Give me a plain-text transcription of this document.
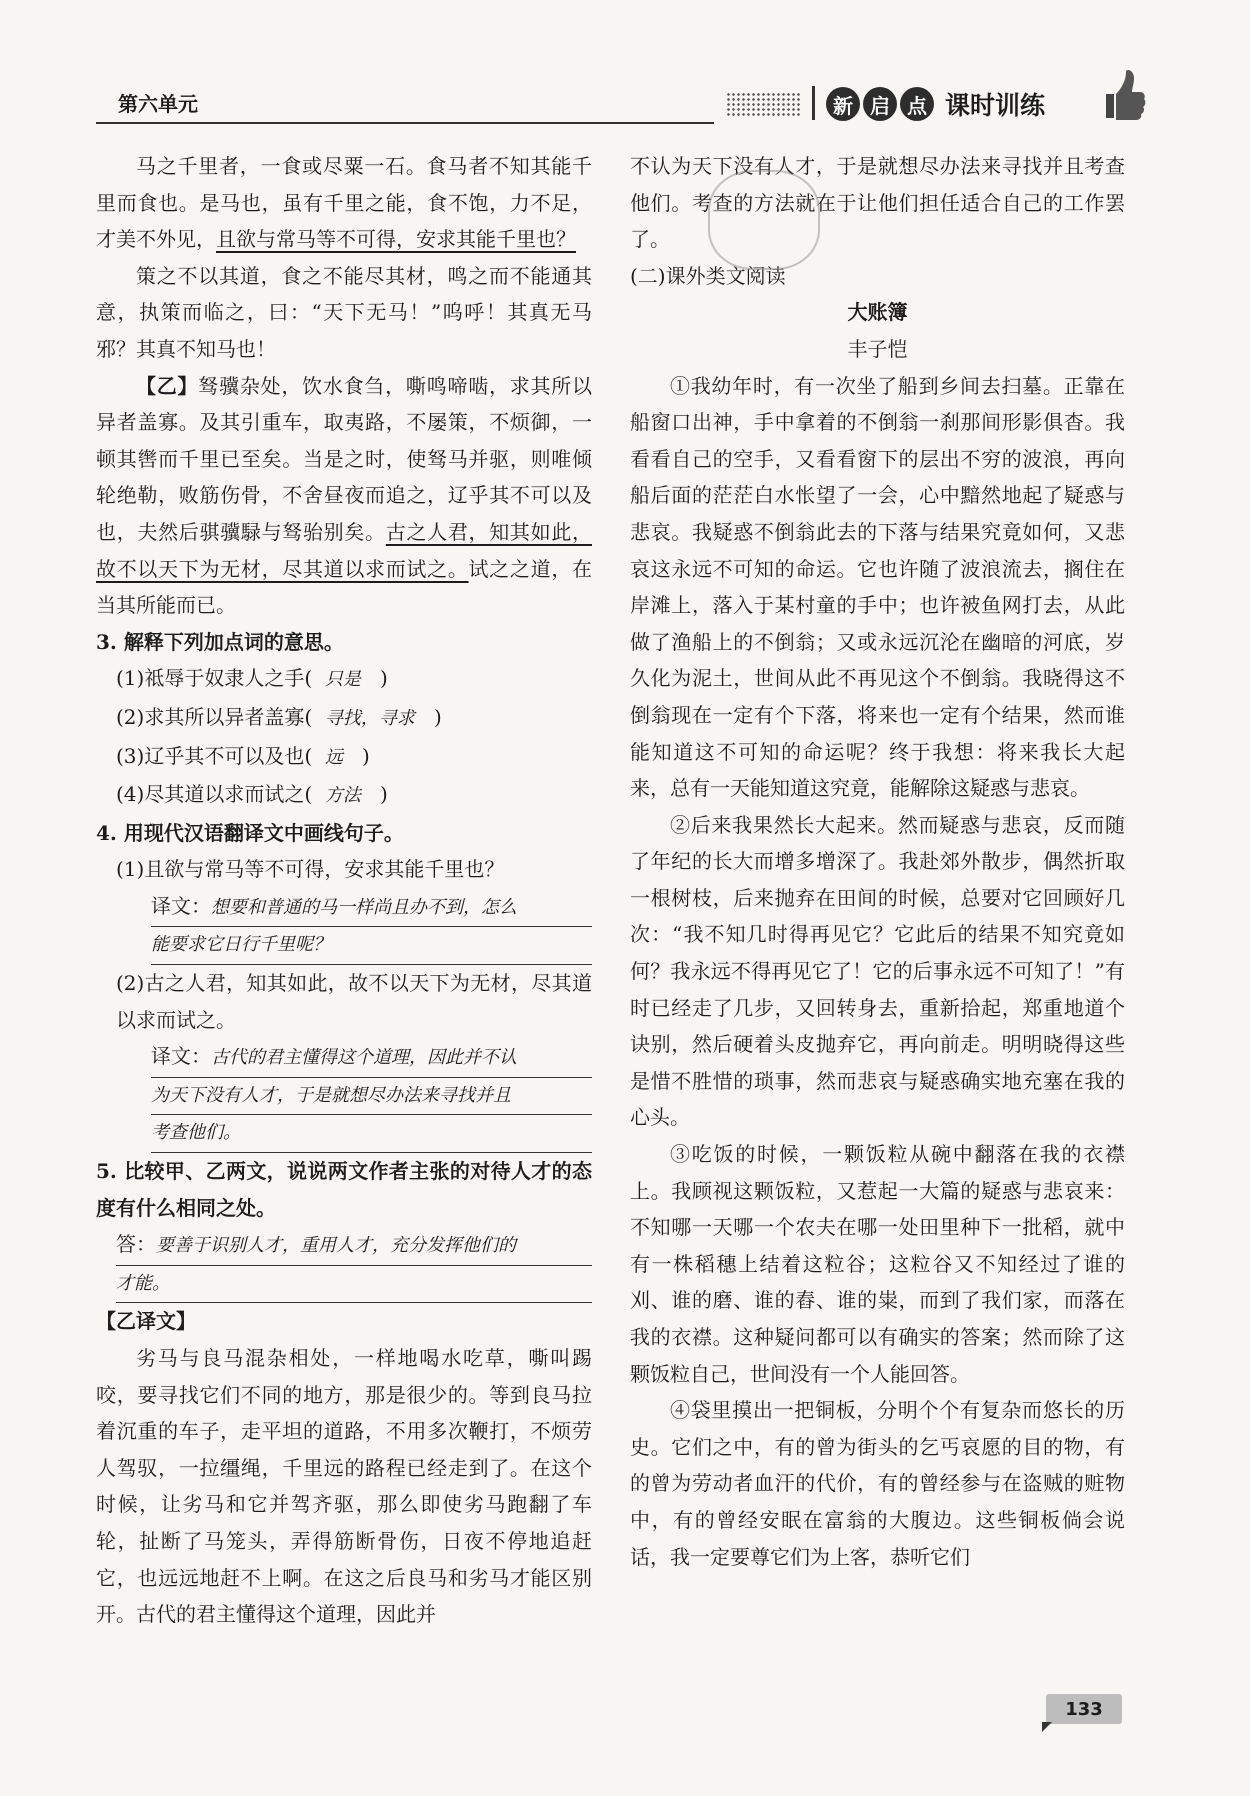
第六单元	新 启 点 课时训练

马之千里者，一食或尽粟一石。食马者不知其能千里而食也。是马也，虽有千里之能，食不饱，力不足，才美不外见，且欲与常马等不可得，安求其能千里也？

策之不以其道，食之不能尽其材，鸣之而不能通其意，执策而临之，曰：“天下无马！”呜呼！其真无马邪？其真不知马也！

【乙】驽骥杂处，饮水食刍，嘶鸣啼啮，求其所以异者盖寡。及其引重车，取夷路，不屡策，不烦御，一顿其辔而千里已至矣。当是之时，使驽马并驱，则唯倾轮绝勒，败筋伤骨，不舍昼夜而追之，辽乎其不可以及也，夫然后骐骥騄与驽骀别矣。古之人君，知其如此，故不以天下为无材，尽其道以求而试之。试之之道，在当其所能而已。

3. 解释下列加点词的意思。

(1)祗辱于奴隶人之手( 只是 )

(2)求其所以异者盖寡( 寻找，寻求 )

(3)辽乎其不可以及也( 远 )

(4)尽其道以求而试之( 方法 )

4. 用现代汉语翻译文中画线句子。

(1)且欲与常马等不可得，安求其能千里也？

译文：想要和普通的马一样尚且办不到，怎么
能要求它日行千里呢？

(2)古之人君，知其如此，故不以天下为无材，尽其道以求而试之。

译文：古代的君主懂得这个道理，因此并不认
为天下没有人才，于是就想尽办法来寻找并且
考查他们。

5. 比较甲、乙两文，说说两文作者主张的对待人才的态度有什么相同之处。

答：要善于识别人才，重用人才，充分发挥他们的
才能。

【乙译文】

劣马与良马混杂相处，一样地喝水吃草，嘶叫踢咬，要寻找它们不同的地方，那是很少的。等到良马拉着沉重的车子，走平坦的道路，不用多次鞭打，不烦劳人驾驭，一拉缰绳，千里远的路程已经走到了。在这个时候，让劣马和它并驾齐驱，那么即使劣马跑翻了车轮，扯断了马笼头，弄得筋断骨伤，日夜不停地追赶它，也远远地赶不上啊。在这之后良马和劣马才能区别开。古代的君主懂得这个道理，因此并

不认为天下没有人才，于是就想尽办法来寻找并且考查他们。考查的方法就在于让他们担任适合自己的工作罢了。

(二)课外类文阅读

大账簿

丰子恺

①我幼年时，有一次坐了船到乡间去扫墓。正靠在船窗口出神，手中拿着的不倒翁一刹那间形影俱杳。我看看自己的空手，又看看窗下的层出不穷的波浪，再向船后面的茫茫白水怅望了一会，心中黯然地起了疑惑与悲哀。我疑惑不倒翁此去的下落与结果究竟如何，又悲哀这永远不可知的命运。它也许随了波浪流去，搁住在岸滩上，落入于某村童的手中；也许被鱼网打去，从此做了渔船上的不倒翁；又或永远沉沦在幽暗的河底，岁久化为泥土，世间从此不再见这个不倒翁。我晓得这不倒翁现在一定有个下落，将来也一定有个结果，然而谁能知道这不可知的命运呢？终于我想：将来我长大起来，总有一天能知道这究竟，能解除这疑惑与悲哀。

②后来我果然长大起来。然而疑惑与悲哀，反而随了年纪的长大而增多增深了。我赴郊外散步，偶然折取一根树枝，后来抛弃在田间的时候，总要对它回顾好几次：“我不知几时得再见它？它此后的结果不知究竟如何？我永远不得再见它了！它的后事永远不可知了！”有时已经走了几步，又回转身去，重新拾起，郑重地道个诀别，然后硬着头皮抛弃它，再向前走。明明晓得这些是惜不胜惜的琐事，然而悲哀与疑惑确实地充塞在我的心头。

③吃饭的时候，一颗饭粒从碗中翻落在我的衣襟上。我顾视这颗饭粒，又惹起一大篇的疑惑与悲哀来：不知哪一天哪一个农夫在哪一处田里种下一批稻，就中有一株稻穗上结着这粒谷；这粒谷又不知经过了谁的刈、谁的磨、谁的舂、谁的粜，而到了我们家，而落在我的衣襟。这种疑问都可以有确实的答案；然而除了这颗饭粒自己，世间没有一个人能回答。

④袋里摸出一把铜板，分明个个有复杂而悠长的历史。它们之中，有的曾为街头的乞丐哀愿的目的物，有的曾为劳动者血汗的代价，有的曾经参与在盗贼的赃物中，有的曾经安眠在富翁的大腹边。这些铜板倘会说话，我一定要尊它们为上客，恭听它们

133
